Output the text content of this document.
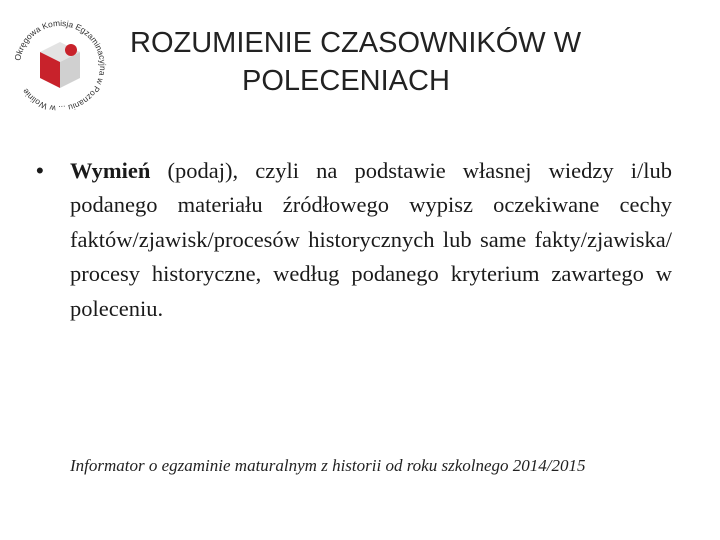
Okręgowa Komisja Egzaminacyjna w Poznaniu ... w Wolinie
ROZUMIENIE CZASOWNIKÓW W
POLECENIACH
• Wymień (podaj), czyli na podstawie własnej wiedzy i/lub podanego materiału źródłowego wypisz oczekiwane cechy faktów/zjawisk/procesów historycznych lub same fakty/zjawiska/ procesy historyczne, według podanego kryterium zawartego w poleceniu.
Informator o egzaminie maturalnym z historii od roku szkolnego 2014/2015
